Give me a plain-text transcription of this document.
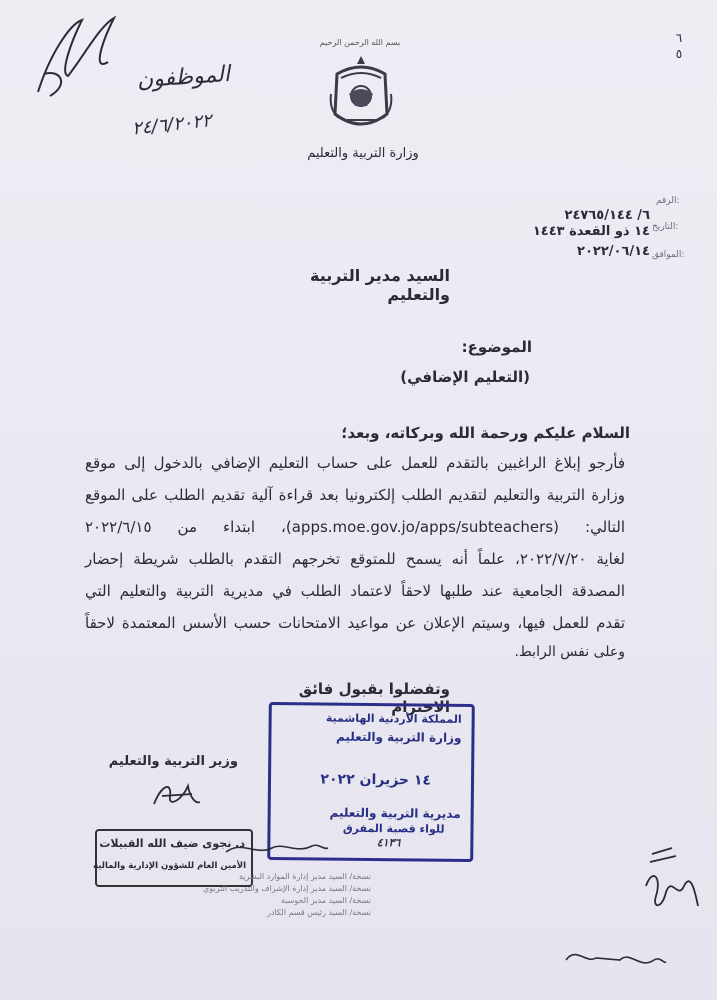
٦ ٥
الموظفون
٢٤/٦/٢٠٢٢
بسم الله الرحمن الرحيم
وزارة التربية والتعليم
الرقم:
٦/ ٢٤٧٦٥/١٤٤
التاريخ:
١٤ ذو القعدة ١٤٤٣
الموافق:
٢٠٢٢/٠٦/١٤
السيد مدير التربية والتعليم
الموضوع:
(التعليم الإضافي)
السلام عليكم ورحمة الله وبركاته، وبعد؛
فأرجو إبلاغ الراغبين بالتقدم للعمل على حساب التعليم الإضافي بالدخول إلى موقع
وزارة التربية والتعليم لتقديم الطلب إلكترونيا بعد قراءة آلية تقديم الطلب على الموقع
التالي: (apps.moe.gov.jo/apps/subteachers)، ابتداء من ٢٠٢٢/٦/١٥
لغاية ٢٠٢٢/٧/٢٠، علماً أنه يسمح للمتوقع تخرجهم التقدم بالطلب شريطة إحضار
المصدقة الجامعية عند طلبها لاحقاً لاعتماد الطلب في مديرية التربية والتعليم التي
تقدم للعمل فيها، وسيتم الإعلان عن مواعيد الامتحانات حسب الأسس المعتمدة لاحقاً
وعلى نفس الرابط.
وتفضلوا بقبول فائق الاحترام
وزير التربية والتعليم
د. نجوى ضيف الله القبيلات
الأمين العام للشؤون الإدارية والمالية
المملكة الأردنية الهاشمية
وزارة التربية والتعليم
١٤ حزيران ٢٠٢٢
مديرية التربية والتعليم
للواء قصبة المفرق
٤١٣٦
نسخة/ السيد مدير إدارة الموارد البشرية
نسخة/ السيد مدير إدارة الإشراف والتدريب التربوي
نسخة/ السيد مدير الحوسبة
نسخة/ السيد رئيس قسم الكادر
